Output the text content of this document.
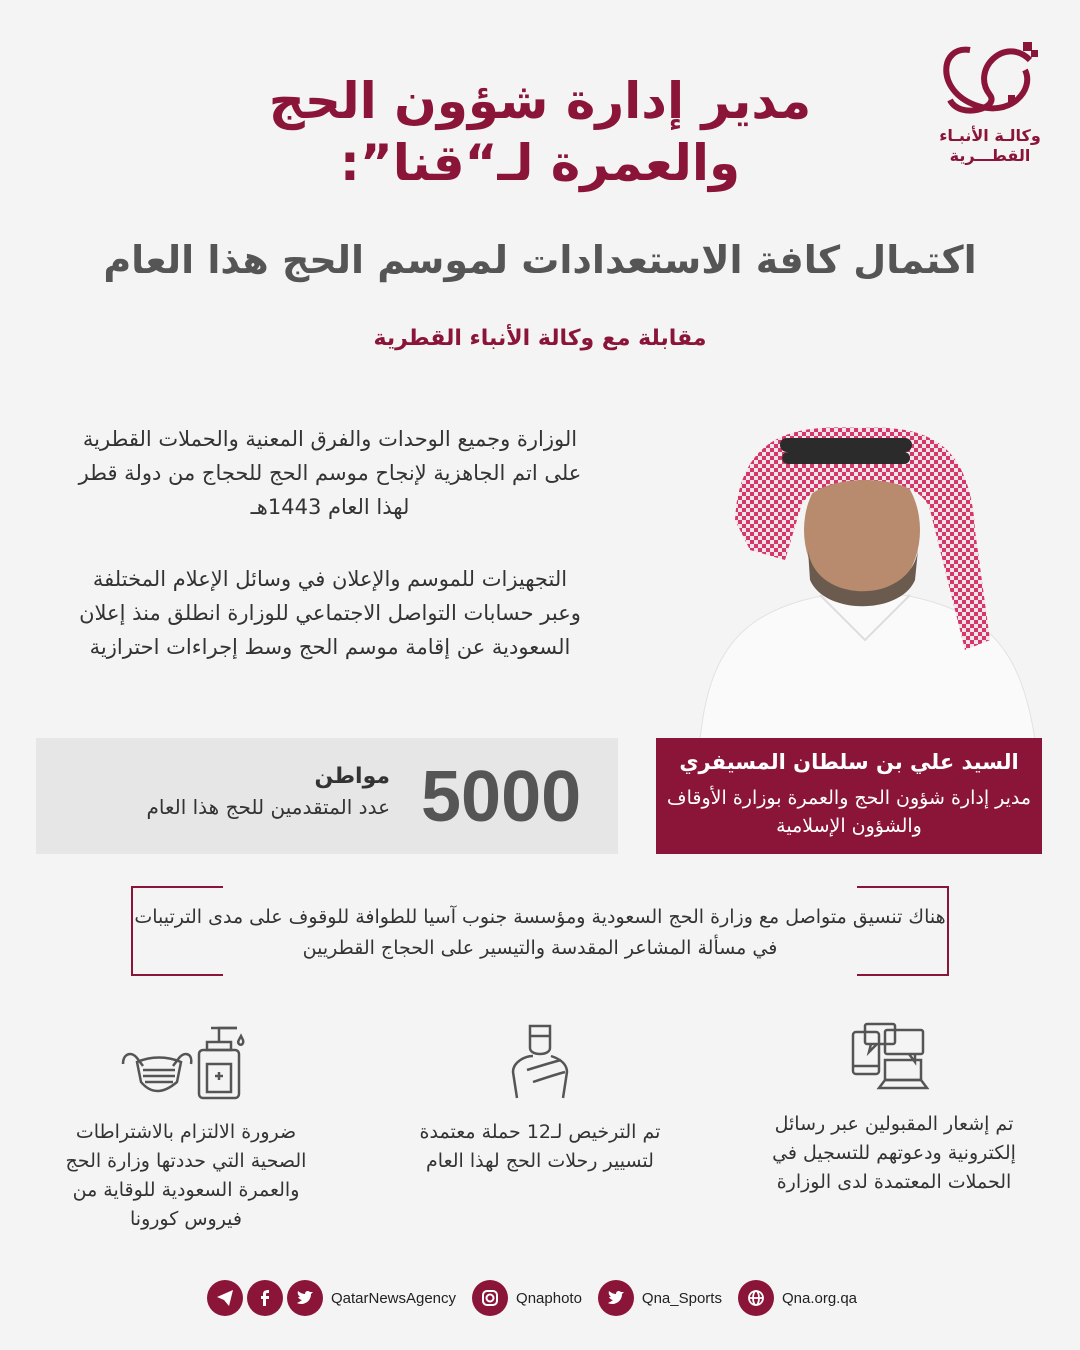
وكالـة الأنبـاء
القطـــرية
مدير إدارة شؤون الحج
والعمرة لـ“قنا”:
اكتمال كافة الاستعدادات لموسم الحج هذا العام
مقابلة مع وكالة الأنباء القطرية
الوزارة وجميع الوحدات والفرق المعنية والحملات القطرية على اتم الجاهزية لإنجاح موسم الحج للحجاج من دولة قطر لهذا العام 1443هـ
التجهيزات للموسم والإعلان في وسائل الإعلام المختلفة وعبر حسابات التواصل الاجتماعي للوزارة انطلق منذ إعلان السعودية عن إقامة موسم الحج وسط إجراءات احترازية
السيد علي بن سلطان المسيفري
مدير إدارة شؤون الحج والعمرة بوزارة الأوقاف والشؤون الإسلامية
5000
مواطن
عدد المتقدمين للحج هذا العام
هناك تنسيق متواصل مع وزارة الحج السعودية ومؤسسة جنوب آسيا للطوافة للوقوف على مدى الترتيبات في مسألة المشاعر المقدسة والتيسير على الحجاج القطريين
تم إشعار المقبولين عبر رسائل إلكترونية ودعوتهم للتسجيل في الحملات المعتمدة لدى الوزارة
تم الترخيص لـ12 حملة معتمدة لتسيير رحلات الحج لهذا العام
ضرورة الالتزام بالاشتراطات الصحية التي حددتها وزارة الحج والعمرة السعودية للوقاية من فيروس كورونا
QatarNewsAgency	Qnaphoto	Qna_Sports	Qna.org.qa
